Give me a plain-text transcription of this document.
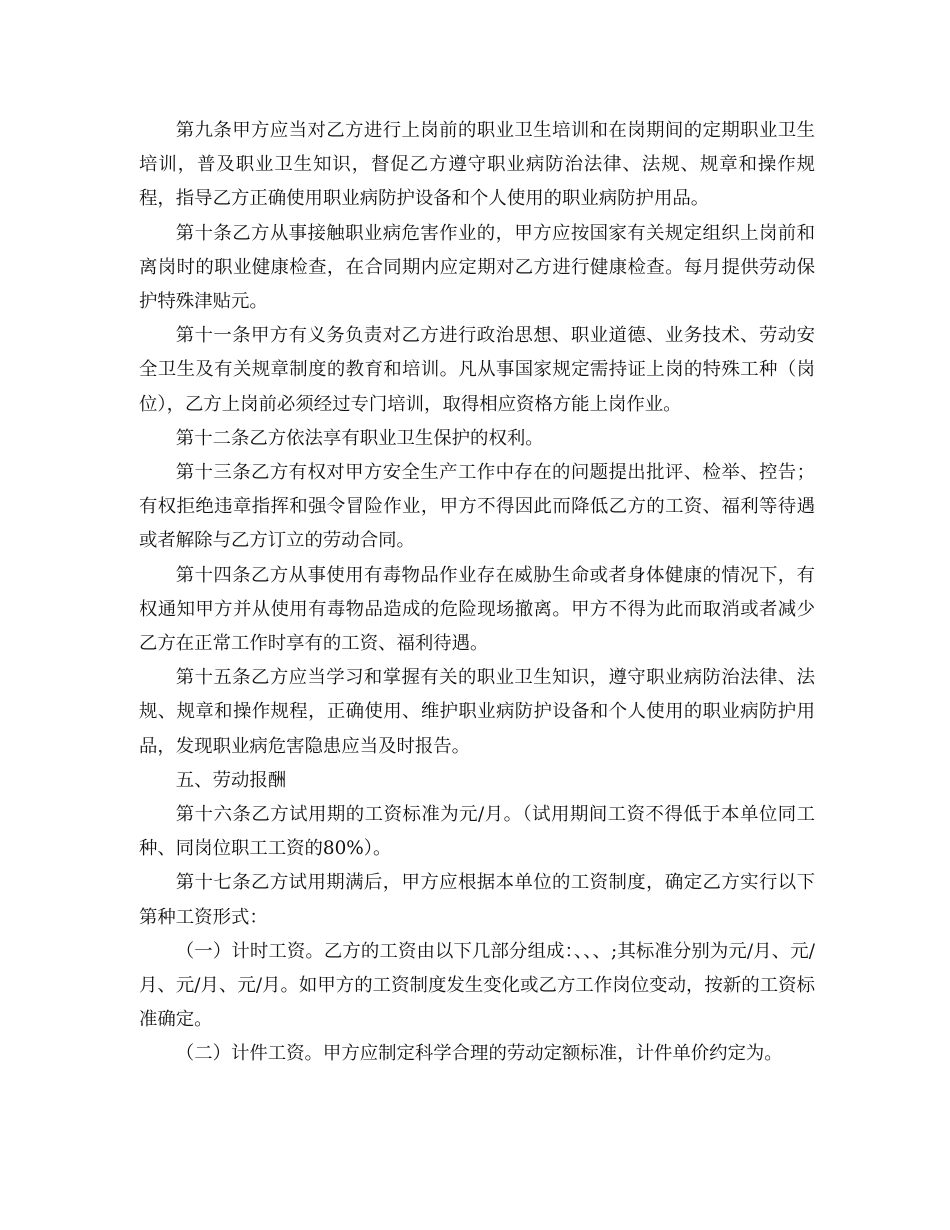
第九条甲方应当对乙方进行上岗前的职业卫生培训和在岗期间的定期职业卫生培训，普及职业卫生知识，督促乙方遵守职业病防治法律、法规、规章和操作规程，指导乙方正确使用职业病防护设备和个人使用的职业病防护用品。

第十条乙方从事接触职业病危害作业的，甲方应按国家有关规定组织上岗前和离岗时的职业健康检查，在合同期内应定期对乙方进行健康检查。每月提供劳动保护特殊津贴元。

第十一条甲方有义务负责对乙方进行政治思想、职业道德、业务技术、劳动安全卫生及有关规章制度的教育和培训。凡从事国家规定需持证上岗的特殊工种（岗位），乙方上岗前必须经过专门培训，取得相应资格方能上岗作业。

第十二条乙方依法享有职业卫生保护的权利。

第十三条乙方有权对甲方安全生产工作中存在的问题提出批评、检举、控告；有权拒绝违章指挥和强令冒险作业，甲方不得因此而降低乙方的工资、福利等待遇或者解除与乙方订立的劳动合同。

第十四条乙方从事使用有毒物品作业存在威胁生命或者身体健康的情况下，有权通知甲方并从使用有毒物品造成的危险现场撤离。甲方不得为此而取消或者减少乙方在正常工作时享有的工资、福利待遇。

第十五条乙方应当学习和掌握有关的职业卫生知识，遵守职业病防治法律、法规、规章和操作规程，正确使用、维护职业病防护设备和个人使用的职业病防护用品，发现职业病危害隐患应当及时报告。

五、劳动报酬

第十六条乙方试用期的工资标准为元/月。（试用期间工资不得低于本单位同工种、同岗位职工工资的80%）。

第十七条乙方试用期满后，甲方应根据本单位的工资制度，确定乙方实行以下第种工资形式：

（一）计时工资。乙方的工资由以下几部分组成：、、、;其标准分别为元/月、元/月、元/月、元/月。如甲方的工资制度发生变化或乙方工作岗位变动，按新的工资标准确定。

（二）计件工资。甲方应制定科学合理的劳动定额标准，计件单价约定为。
